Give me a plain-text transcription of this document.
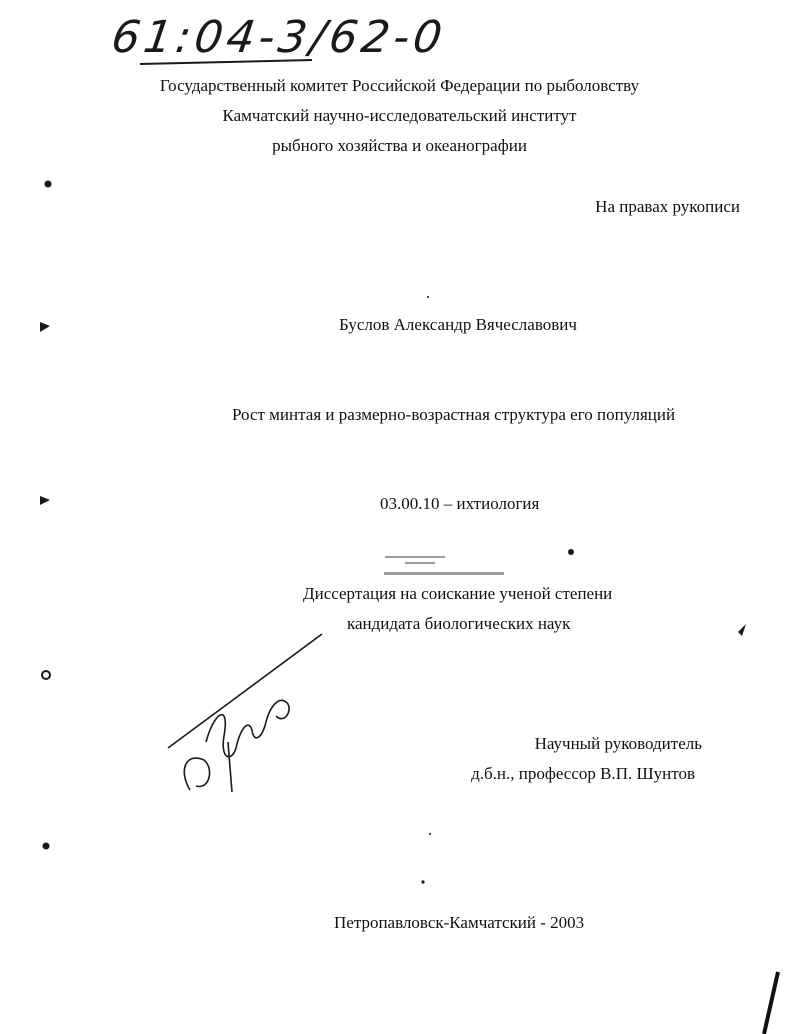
61:04-3/62-0
Государственный комитет Российской Федерации по рыболовству
Камчатский научно-исследовательский институт
рыбного хозяйства и океанографии
На правах рукописи
Буслов Александр Вячеславович
Рост минтая и размерно-возрастная структура его популяций
03.00.10 – ихтиология
Диссертация на соискание ученой степени
кандидата биологических наук
Научный руководитель
д.б.н., профессор В.П. Шунтов
Петропавловск-Камчатский - 2003
